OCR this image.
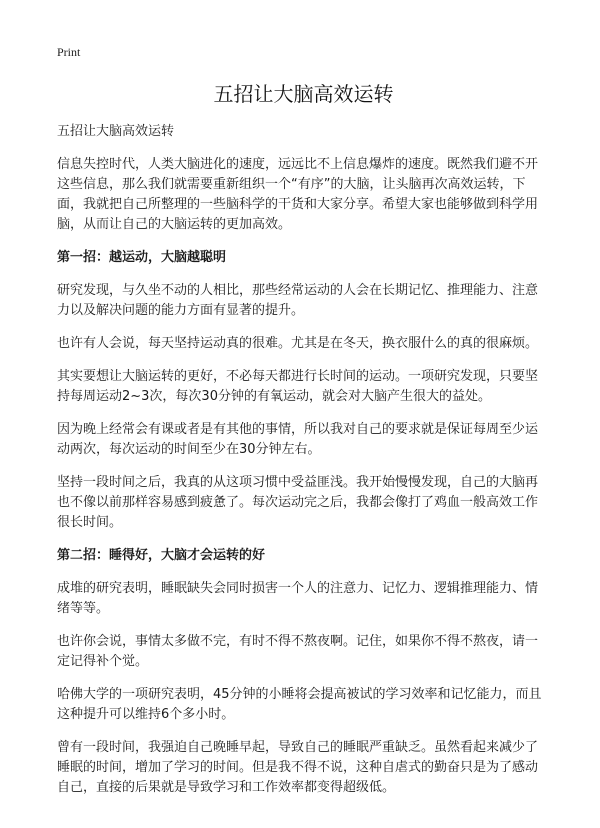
Print
五招让大脑高效运转
五招让大脑高效运转

信息失控时代，人类大脑进化的速度，远远比不上信息爆炸的速度。既然我们避不开这些信息，那么我们就需要重新组织一个“有序”的大脑，让头脑再次高效运转，下面，我就把自己所整理的一些脑科学的干货和大家分享。希望大家也能够做到科学用脑，从而让自己的大脑运转的更加高效。

第一招：越运动，大脑越聪明

研究发现，与久坐不动的人相比，那些经常运动的人会在长期记忆、推理能力、注意力以及解决问题的能力方面有显著的提升。

也许有人会说，每天坚持运动真的很难。尤其是在冬天，换衣服什么的真的很麻烦。

其实要想让大脑运转的更好，不必每天都进行长时间的运动。一项研究发现，只要坚持每周运动2~3次，每次30分钟的有氧运动，就会对大脑产生很大的益处。

因为晚上经常会有课或者是有其他的事情，所以我对自己的要求就是保证每周至少运动两次，每次运动的时间至少在30分钟左右。

坚持一段时间之后，我真的从这项习惯中受益匪浅。我开始慢慢发现，自己的大脑再也不像以前那样容易感到疲惫了。每次运动完之后，我都会像打了鸡血一般高效工作很长时间。

第二招：睡得好，大脑才会运转的好

成堆的研究表明，睡眠缺失会同时损害一个人的注意力、记忆力、逻辑推理能力、情绪等等。

也许你会说，事情太多做不完，有时不得不熬夜啊。记住，如果你不得不熬夜，请一定记得补个觉。

哈佛大学的一项研究表明，45分钟的小睡将会提高被试的学习效率和记忆能力，而且这种提升可以维持6个多小时。

曾有一段时间，我强迫自己晚睡早起，导致自己的睡眠严重缺乏。虽然看起来减少了睡眠的时间，增加了学习的时间。但是我不得不说，这种自虐式的勤奋只是为了感动自己，直接的后果就是导致学习和工作效率都变得超级低。
